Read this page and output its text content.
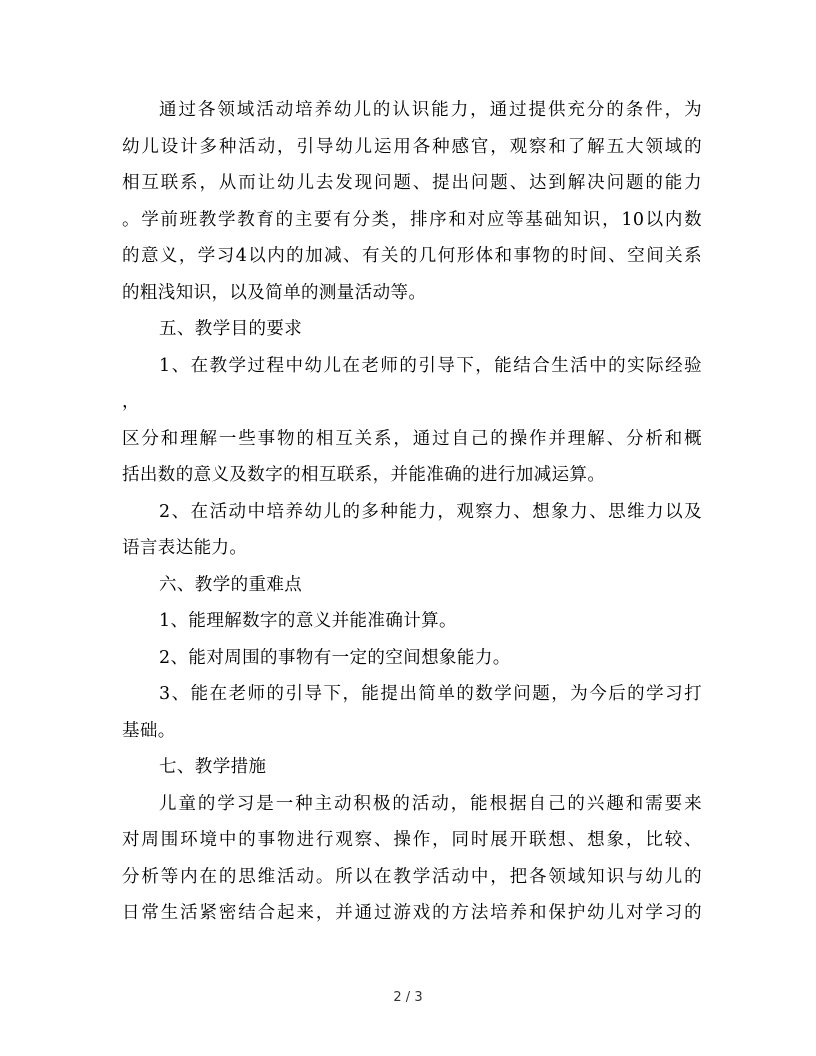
通过各领域活动培养幼儿的认识能力，通过提供充分的条件，为
幼儿设计多种活动，引导幼儿运用各种感官，观察和了解五大领域的
相互联系，从而让幼儿去发现问题、提出问题、达到解决问题的能力
。学前班教学教育的主要有分类，排序和对应等基础知识，10以内数
的意义，学习4以内的加减、有关的几何形体和事物的时间、空间关系
的粗浅知识，以及简单的测量活动等。
五、教学目的要求
1、在教学过程中幼儿在老师的引导下，能结合生活中的实际经验
，
区分和理解一些事物的相互关系，通过自己的操作并理解、分析和概
括出数的意义及数字的相互联系，并能准确的进行加减运算。
2、在活动中培养幼儿的多种能力，观察力、想象力、思维力以及
语言表达能力。
六、教学的重难点
1、能理解数字的意义并能准确计算。
2、能对周围的事物有一定的空间想象能力。
3、能在老师的引导下，能提出简单的数学问题，为今后的学习打
基础。
七、教学措施
儿童的学习是一种主动积极的活动，能根据自己的兴趣和需要来
对周围环境中的事物进行观察、操作，同时展开联想、想象，比较、
分析等内在的思维活动。所以在教学活动中，把各领域知识与幼儿的
日常生活紧密结合起来，并通过游戏的方法培养和保护幼儿对学习的
2 / 3
